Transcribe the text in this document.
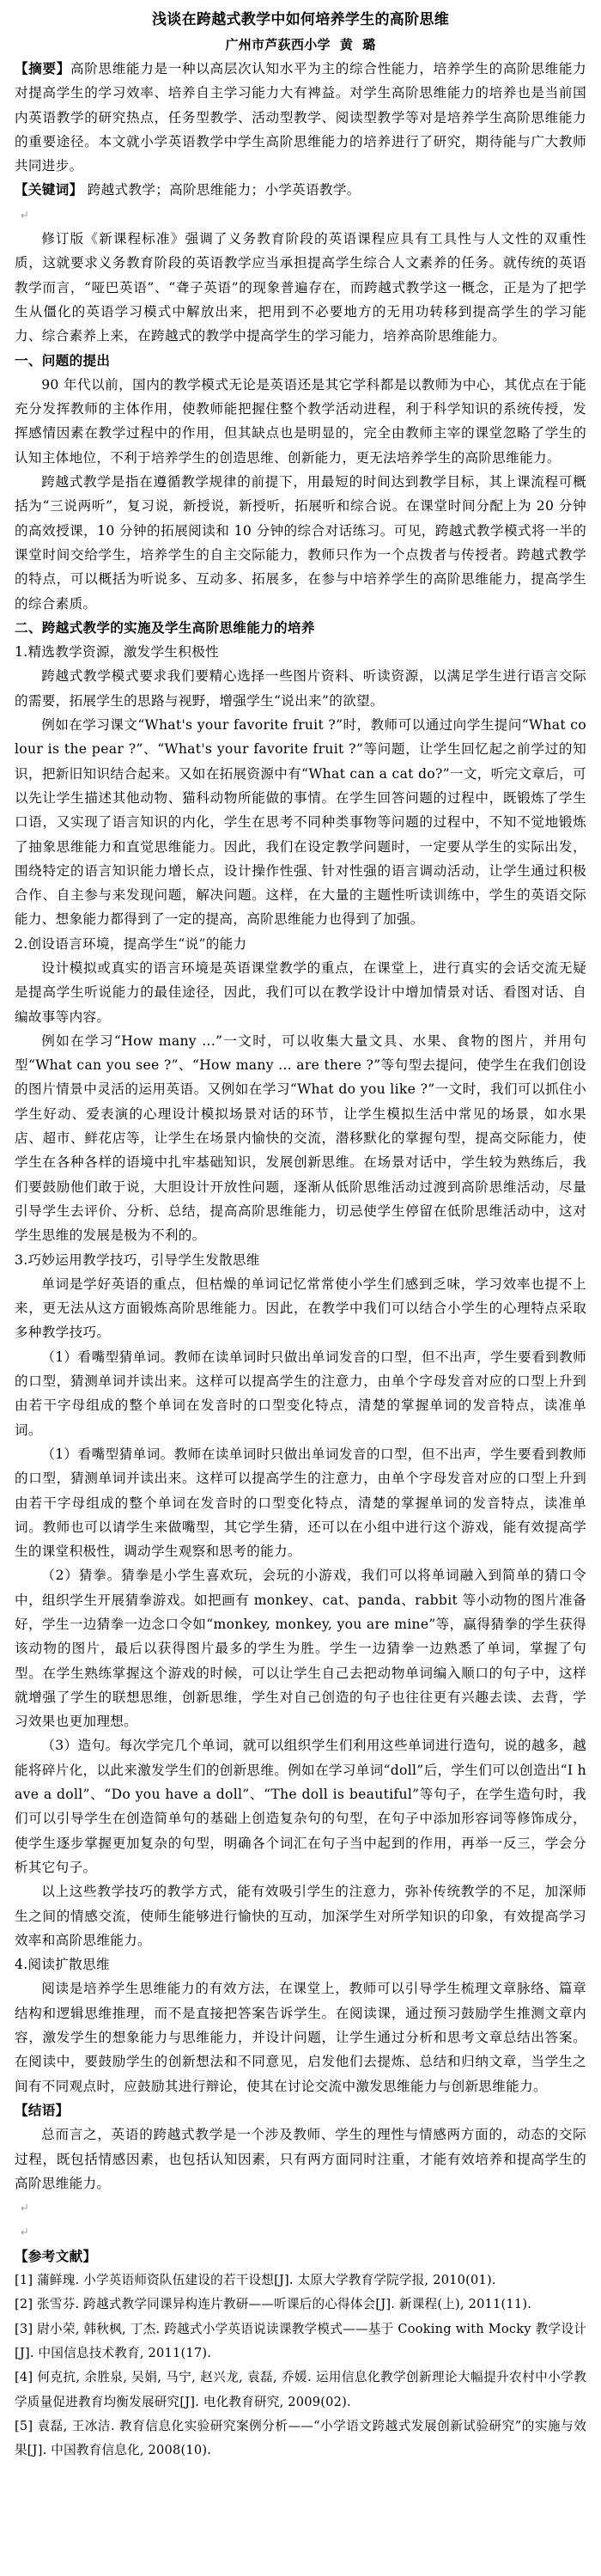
浅谈在跨越式教学中如何培养学生的高阶思维

广州市芦荻西小学  黄  璐

【摘要】高阶思维能力是一种以高层次认知水平为主的综合性能力，培养学生的高阶思维能力对提高学生的学习效率、培养自主学习能力大有裨益。对学生高阶思维能力的培养也是当前国内英语教学的研究热点，任务型教学、活动型教学、阅读型教学等对是培养学生高阶思维能力的重要途径。本文就小学英语教学中学生高阶思维能力的培养进行了研究，期待能与广大教师共同进步。

【关键词】 跨越式教学；高阶思维能力；小学英语教学。

修订版《新课程标准》强调了义务教育阶段的英语课程应具有工具性与人文性的双重性质，这就要求义务教育阶段的英语教学应当承担提高学生综合人文素养的任务。就传统的英语教学而言，“哑巴英语”、“聋子英语”的现象普遍存在，而跨越式教学这一概念，正是为了把学生从僵化的英语学习模式中解放出来，把用到不必要地方的无用功转移到提高学生的学习能力、综合素养上来，在跨越式的教学中提高学生的学习能力，培养高阶思维能力。

一、问题的提出

90 年代以前，国内的教学模式无论是英语还是其它学科都是以教师为中心，其优点在于能充分发挥教师的主体作用，使教师能把握住整个教学活动进程，利于科学知识的系统传授，发挥感情因素在教学过程中的作用，但其缺点也是明显的，完全由教师主宰的课堂忽略了学生的认知主体地位，不利于培养学生的创造思维、创新能力，更无法培养学生的高阶思维能力。

跨越式教学是指在遵循教学规律的前提下，用最短的时间达到教学目标，其上课流程可概括为“三说两听”，复习说，新授说，新授听，拓展听和综合说。在课堂时间分配上为 20 分钟的高效授课，10 分钟的拓展阅读和 10 分钟的综合对话练习。可见，跨越式教学模式将一半的课堂时间交给学生，培养学生的自主交际能力，教师只作为一个点拨者与传授者。跨越式教学的特点，可以概括为听说多、互动多、拓展多，在参与中培养学生的高阶思维能力，提高学生的综合素质。

二、跨越式教学的实施及学生高阶思维能力的培养

1.精选教学资源，激发学生积极性

跨越式教学模式要求我们要精心选择一些图片资料、听读资源，以满足学生进行语言交际的需要，拓展学生的思路与视野，增强学生“说出来”的欲望。

例如在学习课文“What's your favorite fruit ?”时，教师可以通过向学生提问“What colour is the pear ?”、“What's your favorite fruit ?”等问题，让学生回忆起之前学过的知识，把新旧知识结合起来。又如在拓展资源中有“What can a cat do?”一文，听完文章后，可以先让学生描述其他动物、猫科动物所能做的事情。在学生回答问题的过程中，既锻炼了学生口语，又实现了语言知识的内化，学生在思考不同种类事物等问题的过程中，不知不觉地锻炼了抽象思维能力和直觉思维能力。因此，我们在设定教学问题时，一定要从学生的实际出发，围绕特定的语言知识能力增长点，设计操作性强、针对性强的语言调动活动，让学生通过积极合作、自主参与来发现问题，解决问题。这样，在大量的主题性听读训练中，学生的英语交际能力、想象能力都得到了一定的提高，高阶思维能力也得到了加强。

2.创设语言环境，提高学生“说”的能力

设计模拟或真实的语言环境是英语课堂教学的重点，在课堂上，进行真实的会话交流无疑是提高学生听说能力的最佳途径，因此，我们可以在教学设计中增加情景对话、看图对话、自编故事等内容。

例如在学习“How many ...”一文时，可以收集大量文具、水果、食物的图片，并用句型“What can you see ?”、“How many ... are there ?”等句型去提问，使学生在我们创设的图片情景中灵活的运用英语。又例如在学习“What do you like ?”一文时，我们可以抓住小学生好动、爱表演的心理设计模拟场景对话的环节，让学生模拟生活中常见的场景，如水果店、超市、鲜花店等，让学生在场景内愉快的交流，潜移默化的掌握句型，提高交际能力，使学生在各种各样的语境中扎牢基础知识，发展创新思维。在场景对话中，学生较为熟练后，我们要鼓励他们敢于说，大胆设计开放性问题，逐渐从低阶思维活动过渡到高阶思维活动，尽量引导学生去评价、分析、总结，提高高阶思维能力，切忌使学生停留在低阶思维活动中，这对学生思维的发展是极为不利的。

3.巧妙运用教学技巧，引导学生发散思维

单词是学好英语的重点，但枯燥的单词记忆常常使小学生们感到乏味，学习效率也提不上来，更无法从这方面锻炼高阶思维能力。因此，在教学中我们可以结合小学生的心理特点采取多种教学技巧。

（1）看嘴型猜单词。教师在读单词时只做出单词发音的口型，但不出声，学生要看到教师的口型，猜测单词并读出来。这样可以提高学生的注意力，由单个字母发音对应的口型上升到由若干字母组成的整个单词在发音时的口型变化特点，清楚的掌握单词的发音特点，读准单词。

（1）看嘴型猜单词。教师在读单词时只做出单词发音的口型，但不出声，学生要看到教师的口型，猜测单词并读出来。这样可以提高学生的注意力，由单个字母发音对应的口型上升到由若干字母组成的整个单词在发音时的口型变化特点，清楚的掌握单词的发音特点，读准单词。教师也可以请学生来做嘴型，其它学生猜，还可以在小组中进行这个游戏，能有效提高学生的课堂积极性，调动学生观察和思考的能力。

（2）猜拳。猜拳是小学生喜欢玩，会玩的小游戏，我们可以将单词融入到简单的猜口令中，组织学生开展猜拳游戏。如把画有 monkey、cat、panda、rabbit 等小动物的图片准备好，学生一边猜拳一边念口令如“monkey, monkey, you are mine”等，赢得猜拳的学生获得该动物的图片，最后以获得图片最多的学生为胜。学生一边猜拳一边熟悉了单词，掌握了句型。在学生熟练掌握这个游戏的时候，可以让学生自己去把动物单词编入顺口的句子中，这样就增强了学生的联想思维，创新思维，学生对自己创造的句子也往往更有兴趣去读、去背，学习效果也更加理想。

（3）造句。每次学完几个单词，就可以组织学生们利用这些单词进行造句，说的越多，越能将碎片化，以此来激发学生们的创新思维。例如在学习单词“doll”后，学生们可以创造出“I have a doll”、“Do you have a doll”、“The doll is beautiful”等句子，在学生造句时，我们可以引导学生在创造简单句的基础上创造复杂句的句型，在句子中添加形容词等修饰成分，使学生逐步掌握更加复杂的句型，明确各个词汇在句子当中起到的作用，再举一反三，学会分析其它句子。

以上这些教学技巧的教学方式，能有效吸引学生的注意力，弥补传统教学的不足，加深师生之间的情感交流，使师生能够进行愉快的互动，加深学生对所学知识的印象，有效提高学习效率和高阶思维能力。

4.阅读扩散思维

阅读是培养学生思维能力的有效方法，在课堂上，教师可以引导学生梳理文章脉络、篇章结构和逻辑思维推理，而不是直接把答案告诉学生。在阅读课，通过预习鼓励学生推测文章内容，激发学生的想象能力与思维能力，并设计问题，让学生通过分析和思考文章总结出答案。在阅读中，要鼓励学生的创新想法和不同意见，启发他们去提炼、总结和归纳文章，当学生之间有不同观点时，应鼓励其进行辩论，使其在讨论交流中激发思维能力与创新思维能力。

【结语】

总而言之，英语的跨越式教学是一个涉及教师、学生的理性与情感两方面的，动态的交际过程，既包括情感因素，也包括认知因素，只有两方面同时注重，才能有效培养和提高学生的高阶思维能力。

【参考文献】

[1] 蒲鲜瑰. 小学英语师资队伍建设的若干设想[J]. 太原大学教育学院学报, 2010(01).

[2] 张雪芬. 跨越式教学同课异构连片教研——听课后的心得体会[J]. 新课程(上), 2011(11).

[3] 尉小荣, 韩秋枫, 丁杰. 跨越式小学英语说读课教学模式——基于 Cooking with Mocky 教学设计[J]. 中国信息技术教育, 2011(17).

[4] 何克抗, 余胜泉, 吴娟, 马宁, 赵兴龙, 袁磊, 乔媛. 运用信息化教学创新理论大幅提升农村中小学教学质量促进教育均衡发展研究[J]. 电化教育研究, 2009(02).

[5] 袁磊, 王冰洁. 教育信息化实验研究案例分析——“小学语文跨越式发展创新试验研究”的实施与效果[J]. 中国教育信息化, 2008(10).
